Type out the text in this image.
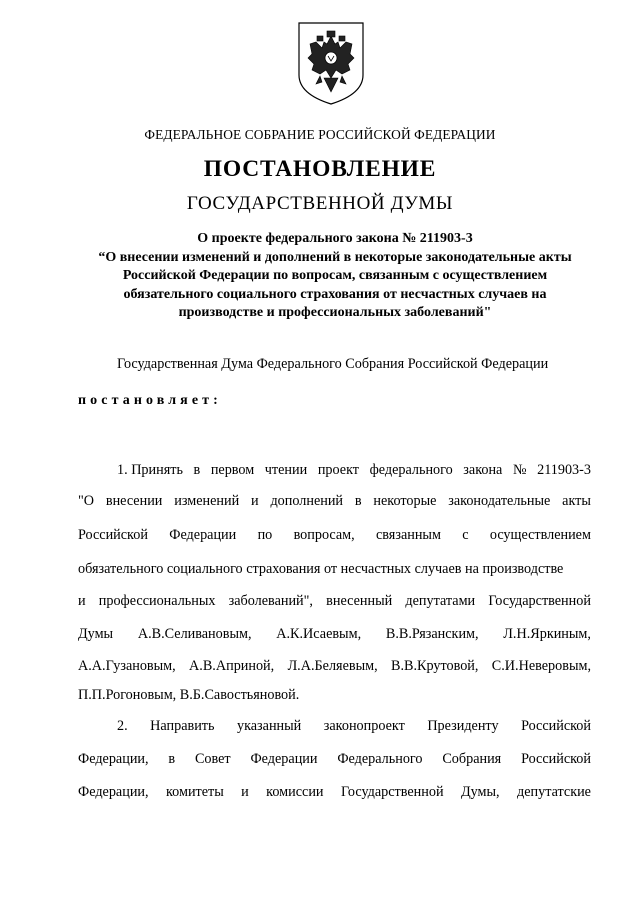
ФЕДЕРАЛЬНОЕ СОБРАНИЕ РОССИЙСКОЙ ФЕДЕРАЦИИ
ПОСТАНОВЛЕНИЕ
ГОСУДАРСТВЕННОЙ ДУМЫ
О проекте федерального закона № 211903-3
“О внесении изменений и дополнений в некоторые законодательные акты
Российской Федерации по вопросам, связанным с осуществлением
обязательного социального страхования от несчастных случаев на
производстве и профессиональных заболеваний"
Государственная Дума Федерального Собрания Российской Федерации
постановляет:
1. Принять в первом чтении проект федерального закона № 211903-3
"О внесении изменений и дополнений в некоторые законодательные акты
Российской Федерации по вопросам, связанным с осуществлением
обязательного социального страхования от несчастных случаев на производстве
и профессиональных заболеваний", внесенный депутатами Государственной
Думы А.В.Селивановым, А.К.Исаевым, В.В.Рязанским, Л.Н.Яркиным,
А.А.Гузановым, А.В.Априной, Л.А.Беляевым, В.В.Крутовой, С.И.Неверовым,
П.П.Рогоновым, В.Б.Савостьяновой.
2. Направить указанный законопроект Президенту Российской
Федерации, в Совет Федерации Федерального Собрания Российской
Федерации, комитеты и комиссии Государственной Думы, депутатские
